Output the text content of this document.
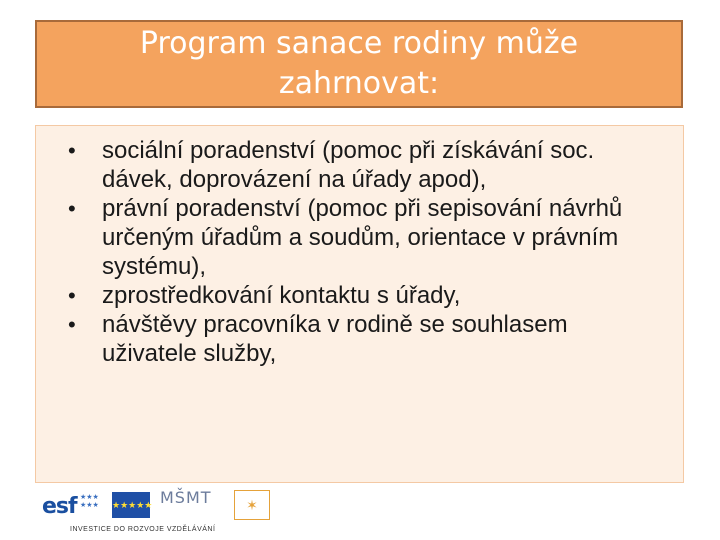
Program sanace rodiny může zahrnovat:
• sociální poradenství (pomoc při získávání soc. dávek, doprovázení na úřady apod),
• právní poradenství (pomoc při sepisování návrhů určeným úřadům a soudům, orientace v právním systému),
• zprostředkování kontaktu s úřady,
• návštěvy pracovníka v rodině se souhlasem uživatele služby,
esf ★★★
★★★	★★★★★ MŠMT	✶
INVESTICE DO ROZVOJE VZDĚLÁVÁNÍ
